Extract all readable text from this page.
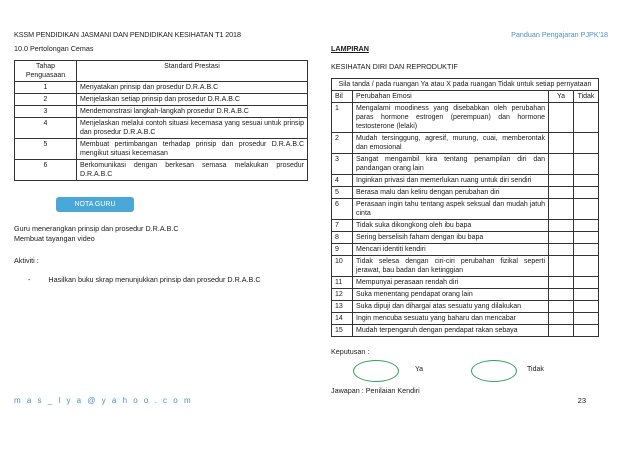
KSSM PENDIDIKAN JASMANI DAN PENDIDIKAN KESIHATAN T1 2018	Panduan Pengajaran PJPK'18
10.0 Pertolongan Cemas
Tahap Penguasaan	Standard Prestasi
1	Menyatakan prinsip dan prosedur D.R.A.B.C
2	Menjelaskan setiap prinsip dan prosedur D.R.A.B.C
3	Mendemonstrasi langkah-langkah prosedur D.R.A.B.C
4	Menjelaskan melalui contoh situasi kecemasa yang sesuai untuk prinsip dan prosedur D.R.A.B.C
5	Membuat pertimbangan terhadap prinsip dan prosedur D.R.A.B.C mengikut situasi kecemasan
6	Berkomunikasi dengan berkesan semasa melakukan prosedur D.R.A.B.C
NOTA GURU
Guru menerangkan prinsip dan prosedur D.R.A.B.C
Membuat tayangan video
Aktiviti :
-	Hasilkan buku skrap menunjukkan prinsip dan prosedur D.R.A.B.C
LAMPIRAN
KESIHATAN DIRI DAN REPRODUKTIF
Sila tanda / pada ruangan Ya atau X pada ruangan Tidak untuk setiap pernyataan			
Bil	Perubahan Emosi	Ya	Tidak
1	Mengalami moodiness yang disebabkan oleh perubahan paras hormone estrogen (perempuan) dan hormone testosterone (lelaki)		
2	Mudah tersinggung, agresif, murung, cuai, memberontak dan emosional		
3	Sangat mengambil kira tentang penampilan diri dan pandangan orang lain		
4	Inginkan privasi dan memerlukan ruang untuk diri sendiri		
5	Berasa malu dan keliru dengan perubahan diri		
6	Perasaan ingin tahu tentang aspek seksual dan mudah jatuh cinta		
7	Tidak suka dikongkong oleh ibu bapa		
8	Sering berselisih faham dengan ibu bapa		
9	Mencari identiti kendiri		
10	Tidak selesa dengan ciri-ciri perubahan fizikal seperti jerawat, bau badan dan ketinggian		
11	Mempunyai perasaan rendah diri		
12	Suka menentang pendapat orang lain		
13	Suka dipuji dan dihargai atas sesuatu yang dilakukan		
14	Ingin mencuba sesuatu yang baharu dan mencabar		
15	Mudah terpengaruh dengan pendapat rakan sebaya		
Keputusan :
Ya	Tidak
Jawapan : Penilaian Kendiri
m a s _ l y a @ y a h o o . c o m	23
